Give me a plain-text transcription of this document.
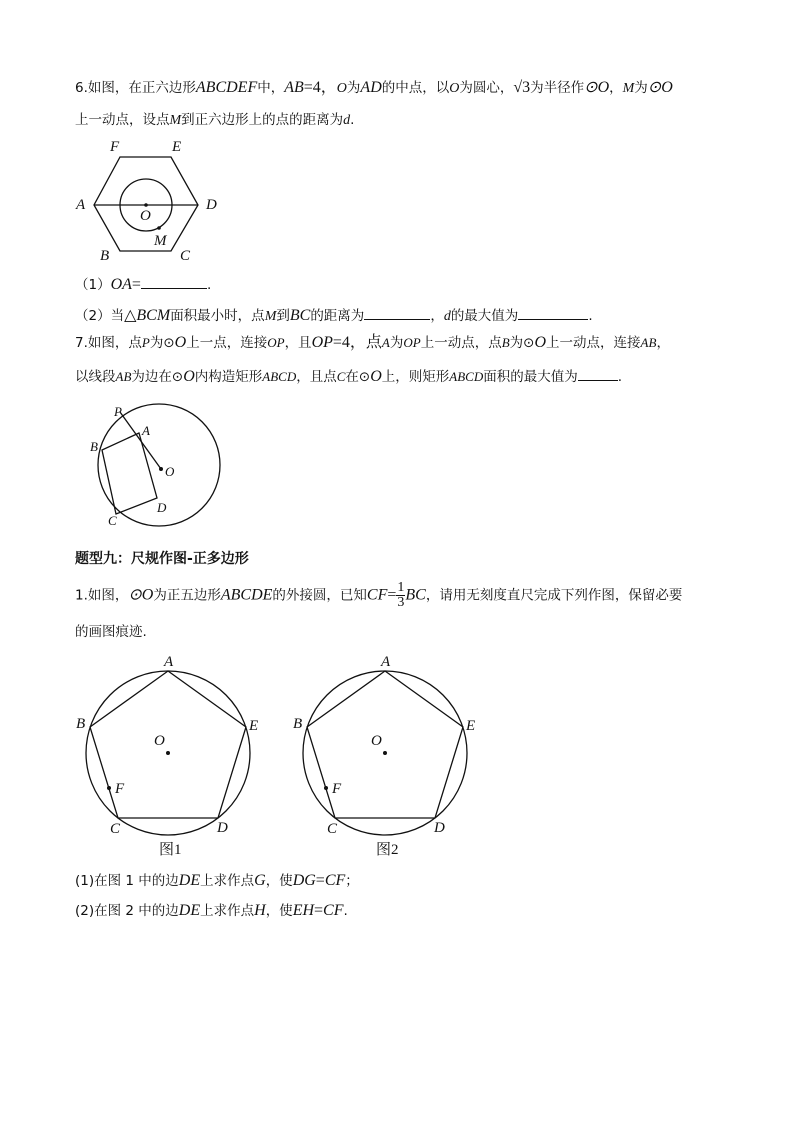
6.如图，在正六边形ABCDEF中，AB=4，O为AD的中点，以O为圆心，√3为半径作⊙O，M为⊙O
上一动点，设点M到正六边形上的点的距离为d.
F	E
A	D
O
M
B	C
（1）OA=	.
（2）当△BCM面积最小时，点M到BC的距离为	，d的最大值为	.
7.如图，点P为⊙O上一点，连接OP，且OP=4，点A为OP上一动点，点B为⊙O上一动点，连接AB，
以线段AB为边在⊙O内构造矩形ABCD，且点C在⊙O上，则矩形ABCD面积的最大值为	.
P
A
B
O
C
D
题型九：尺规作图-正多边形
1.如图，⊙O为正五边形ABCDE的外接圆，已知$CF= \frac{1}{3}$ BC，请用无刻度直尺完成下列作图，保留必要
的画图痕迹.
A
B	E
O
F
C	D
图1
A
B	E
O
F
C	D
图2
(1)在图 1 中的边DE上求作点G，使DG=CF；
(2)在图 2 中的边DE上求作点H，使EH=CF.
